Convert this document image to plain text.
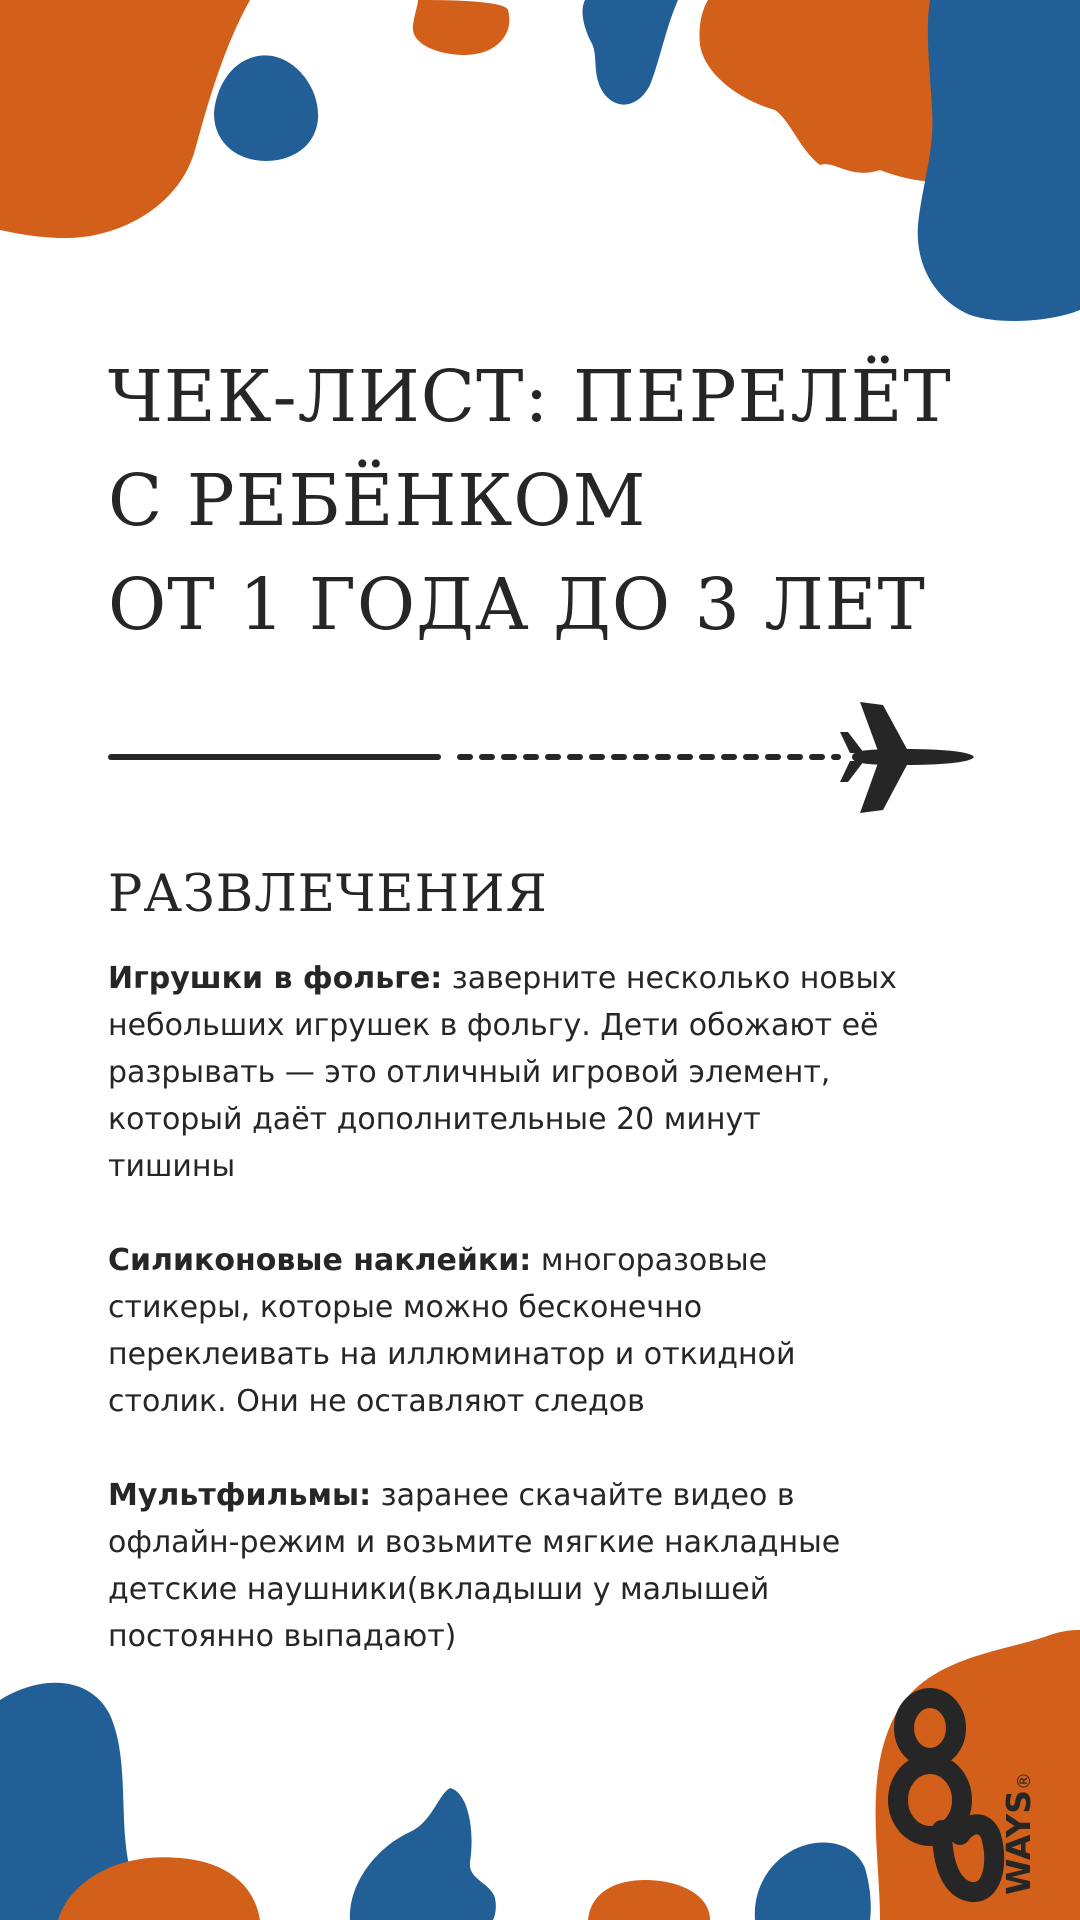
ЧЕК-ЛИСТ: ПЕРЕЛЁТ
С РЕБЁНКОМ
ОТ 1 ГОДА ДО 3 ЛЕТ
РАЗВЛЕЧЕНИЯ

Игрушки в фольге: заверните несколько новых
небольших игрушек в фольгу. Дети обожают её
разрывать — это отличный игровой элемент,
который даёт дополнительные 20 минут
тишины

Силиконовые наклейки: многоразовые
стикеры, которые можно бесконечно
переклеивать на иллюминатор и откидной
столик. Они не оставляют следов

Мультфильмы: заранее скачайте видео в
офлайн-режим и возьмите мягкие накладные
детские наушники(вкладыши у малышей
постоянно выпадают)

WAYS
®
